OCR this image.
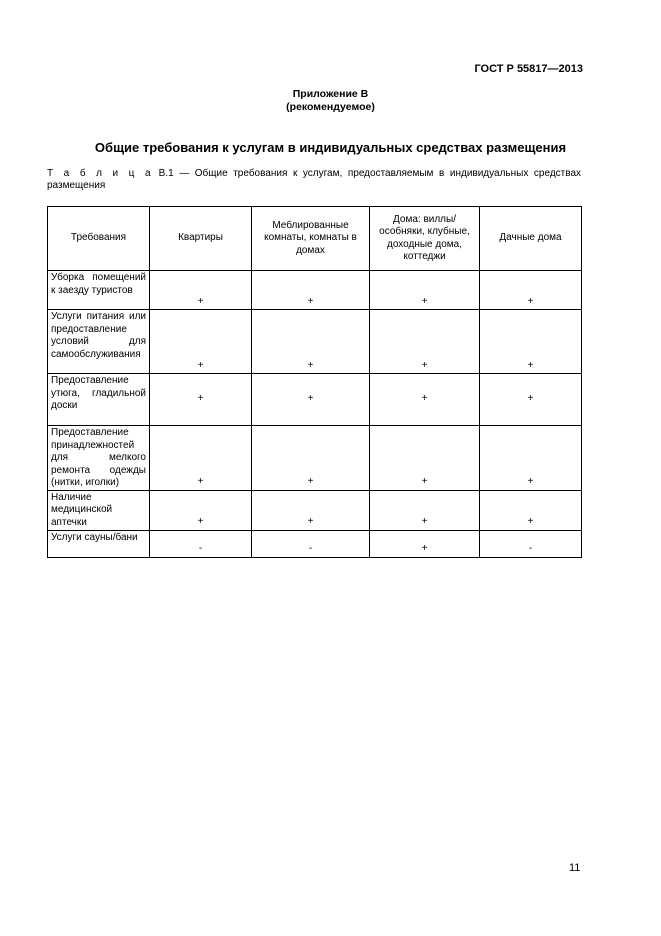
ГОСТ Р 55817—2013
Приложение В
(рекомендуемое)
Общие требования к услугам в индивидуальных средствах размещения
Т а б л и ц а В.1 — Общие требования к услугам, предоставляемым в индивидуальных средствах размещения
Требования	Квартиры	Меблированные комнаты, комнаты в домах	Дома: виллы/особняки, клубные, доходные дома, коттеджи	Дачные дома
Уборка помещений к заезду туристов	+	+	+	+
Услуги питания или предоставление условий для самообслуживания	+	+	+	+
Предоставление утюга, гладильной доски	+	+	+	+
Предоставление принадлежностей для мелкого ремонта одежды (нитки, иголки)	+	+	+	+
Наличие медицинской аптечки	+	+	+	+
Услуги сауны/бани	-	-	+	-
11
